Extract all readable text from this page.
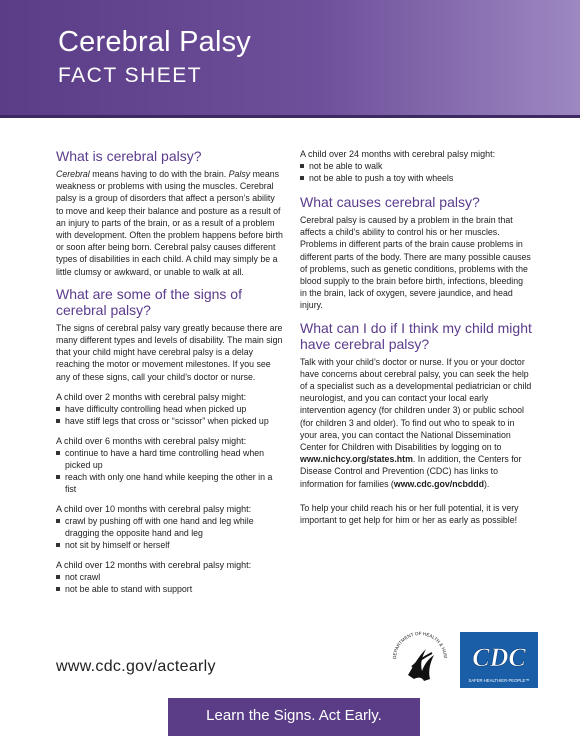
Cerebral Palsy
FACT SHEET
What is cerebral palsy?

Cerebral means having to do with the brain. Palsy means weakness or problems with using the muscles. Cerebral palsy is a group of disorders that affect a person’s ability to move and keep their balance and posture as a result of an injury to parts of the brain, or as a result of a problem with development. Often the problem happens before birth or soon after being born. Cerebral palsy causes different types of disabilities in each child. A child may simply be a little clumsy or awkward, or unable to walk at all.

What are some of the signs of cerebral palsy?

The signs of cerebral palsy vary greatly because there are many different types and levels of disability. The main sign that your child might have cerebral palsy is a delay reaching the motor or movement milestones. If you see any of these signs, call your child’s doctor or nurse.

A child over 2 months with cerebral palsy might:
have difficulty controlling head when picked up
have stiff legs that cross or “scissor” when picked up
A child over 6 months with cerebral palsy might:
continue to have a hard time controlling head when picked up
reach with only one hand while keeping the other in a fist
A child over 10 months with cerebral palsy might:
crawl by pushing off with one hand and leg while dragging the opposite hand and leg
not sit by himself or herself
A child over 12 months with cerebral palsy might:
not crawl
not be able to stand with support
A child over 24 months with cerebral palsy might:
not be able to walk
not be able to push a toy with wheels
What causes cerebral palsy?

Cerebral palsy is caused by a problem in the brain that affects a child’s ability to control his or her muscles. Problems in different parts of the brain cause problems in different parts of the body. There are many possible causes of problems, such as genetic conditions, problems with the blood supply to the brain before birth, infections, bleeding in the brain, lack of oxygen, severe jaundice, and head injury.

What can I do if I think my child might have cerebral palsy?

Talk with your child’s doctor or nurse. If you or your doctor have concerns about cerebral palsy, you can seek the help of a specialist such as a developmental pediatrician or child neurologist, and you can contact your local early intervention agency (for children under 3) or public school (for children 3 and older). To find out who to speak to in your area, you can contact the National Dissemination Center for Children with Disabilities by logging on to www.nichcy.org/states.htm. In addition, the Centers for Disease Control and Prevention (CDC) has links to information for families (www.cdc.gov/ncbddd).

To help your child reach his or her full potential, it is very important to get help for him or her as early as possible!

www.cdc.gov/actearly
DEPARTMENT OF HEALTH & HUM CDC
SAFER·HEALTHIER·PEOPLE™
Learn the Signs. Act Early.
